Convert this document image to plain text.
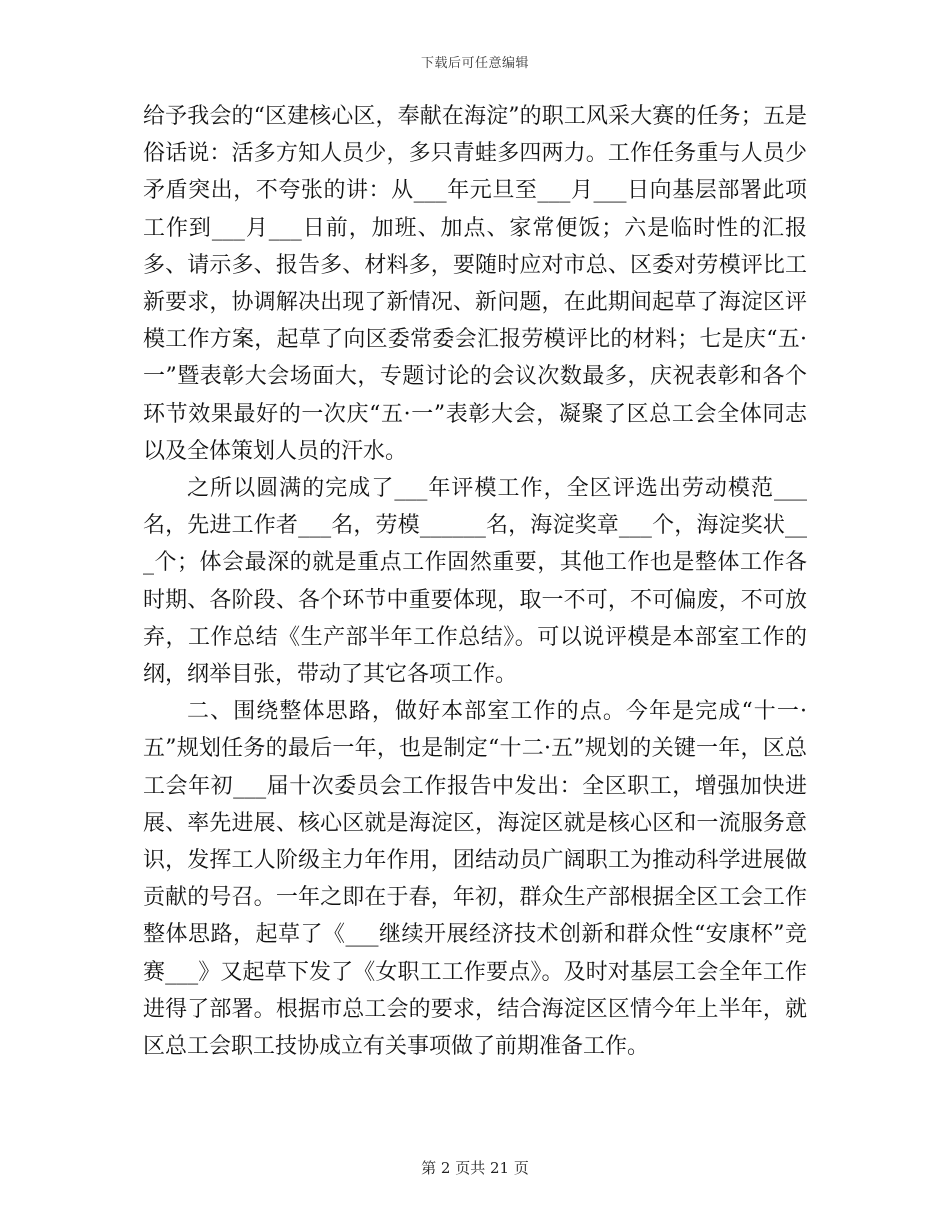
下载后可任意编辑

给予我会的“区建核心区，奉献在海淀”的职工风采大赛的任务；五是俗话说：活多方知人员少，多只青蛙多四两力。工作任务重与人员少矛盾突出，不夸张的讲：从___年元旦至___月___日向基层部署此项工作到___月___日前，加班、加点、家常便饭；六是临时性的汇报多、请示多、报告多、材料多，要随时应对市总、区委对劳模评比工新要求，协调解决出现了新情况、新问题，在此期间起草了海淀区评模工作方案，起草了向区委常委会汇报劳模评比的材料；七是庆“五·一”暨表彰大会场面大，专题讨论的会议次数最多，庆祝表彰和各个环节效果最好的一次庆“五·一”表彰大会，凝聚了区总工会全体同志以及全体策划人员的汗水。

之所以圆满的完成了___年评模工作，全区评选出劳动模范___名，先进工作者___名，劳模______名，海淀奖章___个，海淀奖状___个；体会最深的就是重点工作固然重要，其他工作也是整体工作各时期、各阶段、各个环节中重要体现，取一不可，不可偏废，不可放弃，工作总结《生产部半年工作总结》。可以说评模是本部室工作的纲，纲举目张，带动了其它各项工作。

二、围绕整体思路，做好本部室工作的点。今年是完成“十一·五”规划任务的最后一年，也是制定“十二·五”规划的关键一年，区总工会年初___届十次委员会工作报告中发出：全区职工，增强加快进展、率先进展、核心区就是海淀区，海淀区就是核心区和一流服务意识，发挥工人阶级主力年作用，团结动员广阔职工为推动科学进展做贡献的号召。一年之即在于春，年初，群众生产部根据全区工会工作整体思路，起草了《___继续开展经济技术创新和群众性“安康杯”竞赛___》又起草下发了《女职工工作要点》。及时对基层工会全年工作进得了部署。根据市总工会的要求，结合海淀区区情今年上半年，就区总工会职工技协成立有关事项做了前期准备工作。

第 2 页共 21 页
